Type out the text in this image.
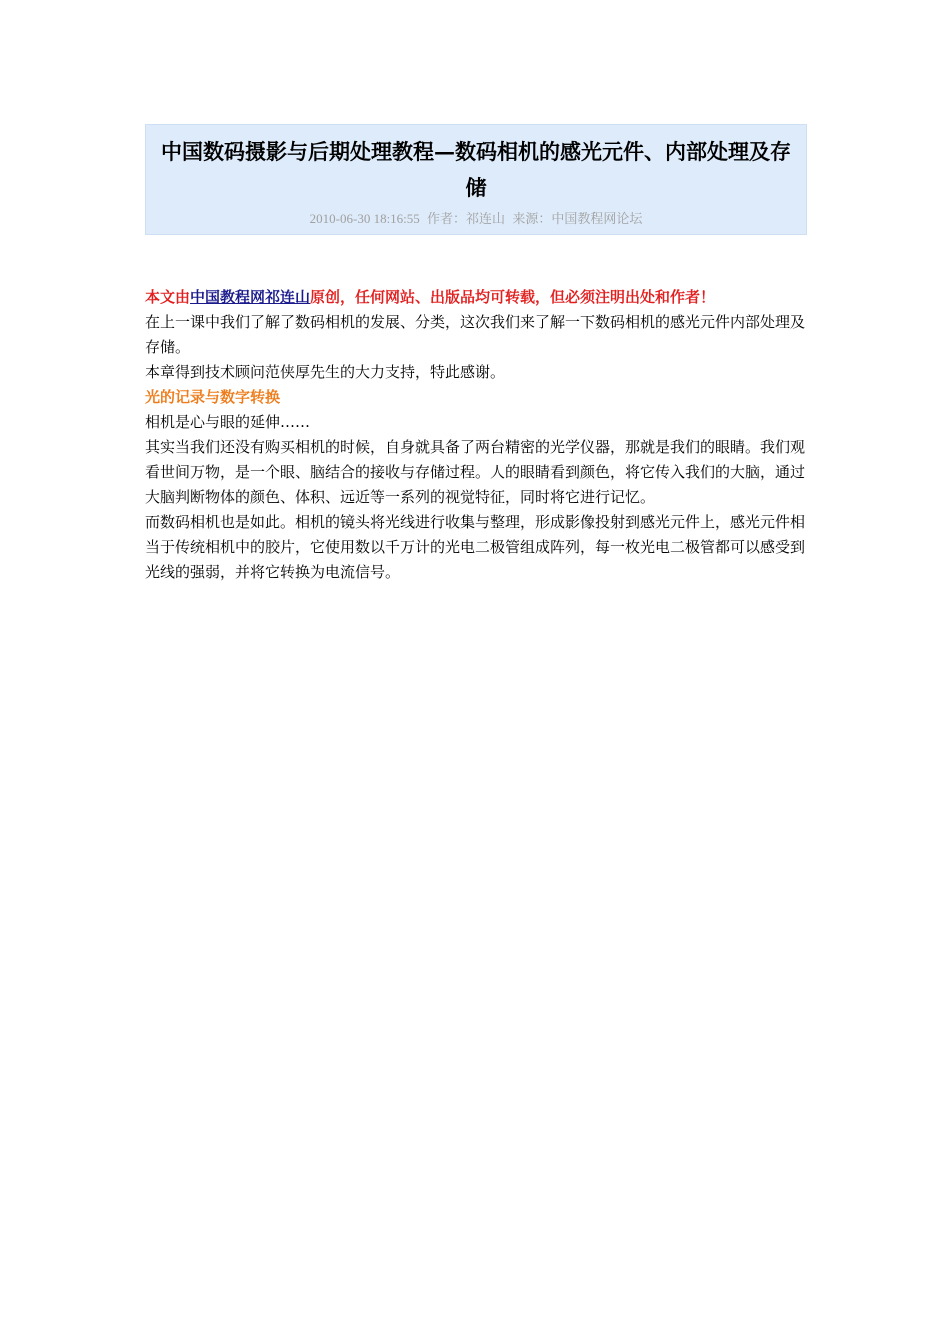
中国数码摄影与后期处理教程—数码相机的感光元件、内部处理及存储
2010-06-30 18:16:55 作者：祁连山 来源：中国教程网论坛

本文由中国教程网祁连山原创，任何网站、出版品均可转载，但必须注明出处和作者！

在上一课中我们了解了数码相机的发展、分类，这次我们来了解一下数码相机的感光元件内部处理及存储。

本章得到技术顾问范侠厚先生的大力支持，特此感谢。

光的记录与数字转换

相机是心与眼的延伸……

其实当我们还没有购买相机的时候，自身就具备了两台精密的光学仪器，那就是我们的眼睛。我们观看世间万物，是一个眼、脑结合的接收与存储过程。人的眼睛看到颜色，将它传入我们的大脑，通过大脑判断物体的颜色、体积、远近等一系列的视觉特征，同时将它进行记忆。

而数码相机也是如此。相机的镜头将光线进行收集与整理，形成影像投射到感光元件上，感光元件相当于传统相机中的胶片，它使用数以千万计的光电二极管组成阵列，每一枚光电二极管都可以感受到光线的强弱，并将它转换为电流信号。
